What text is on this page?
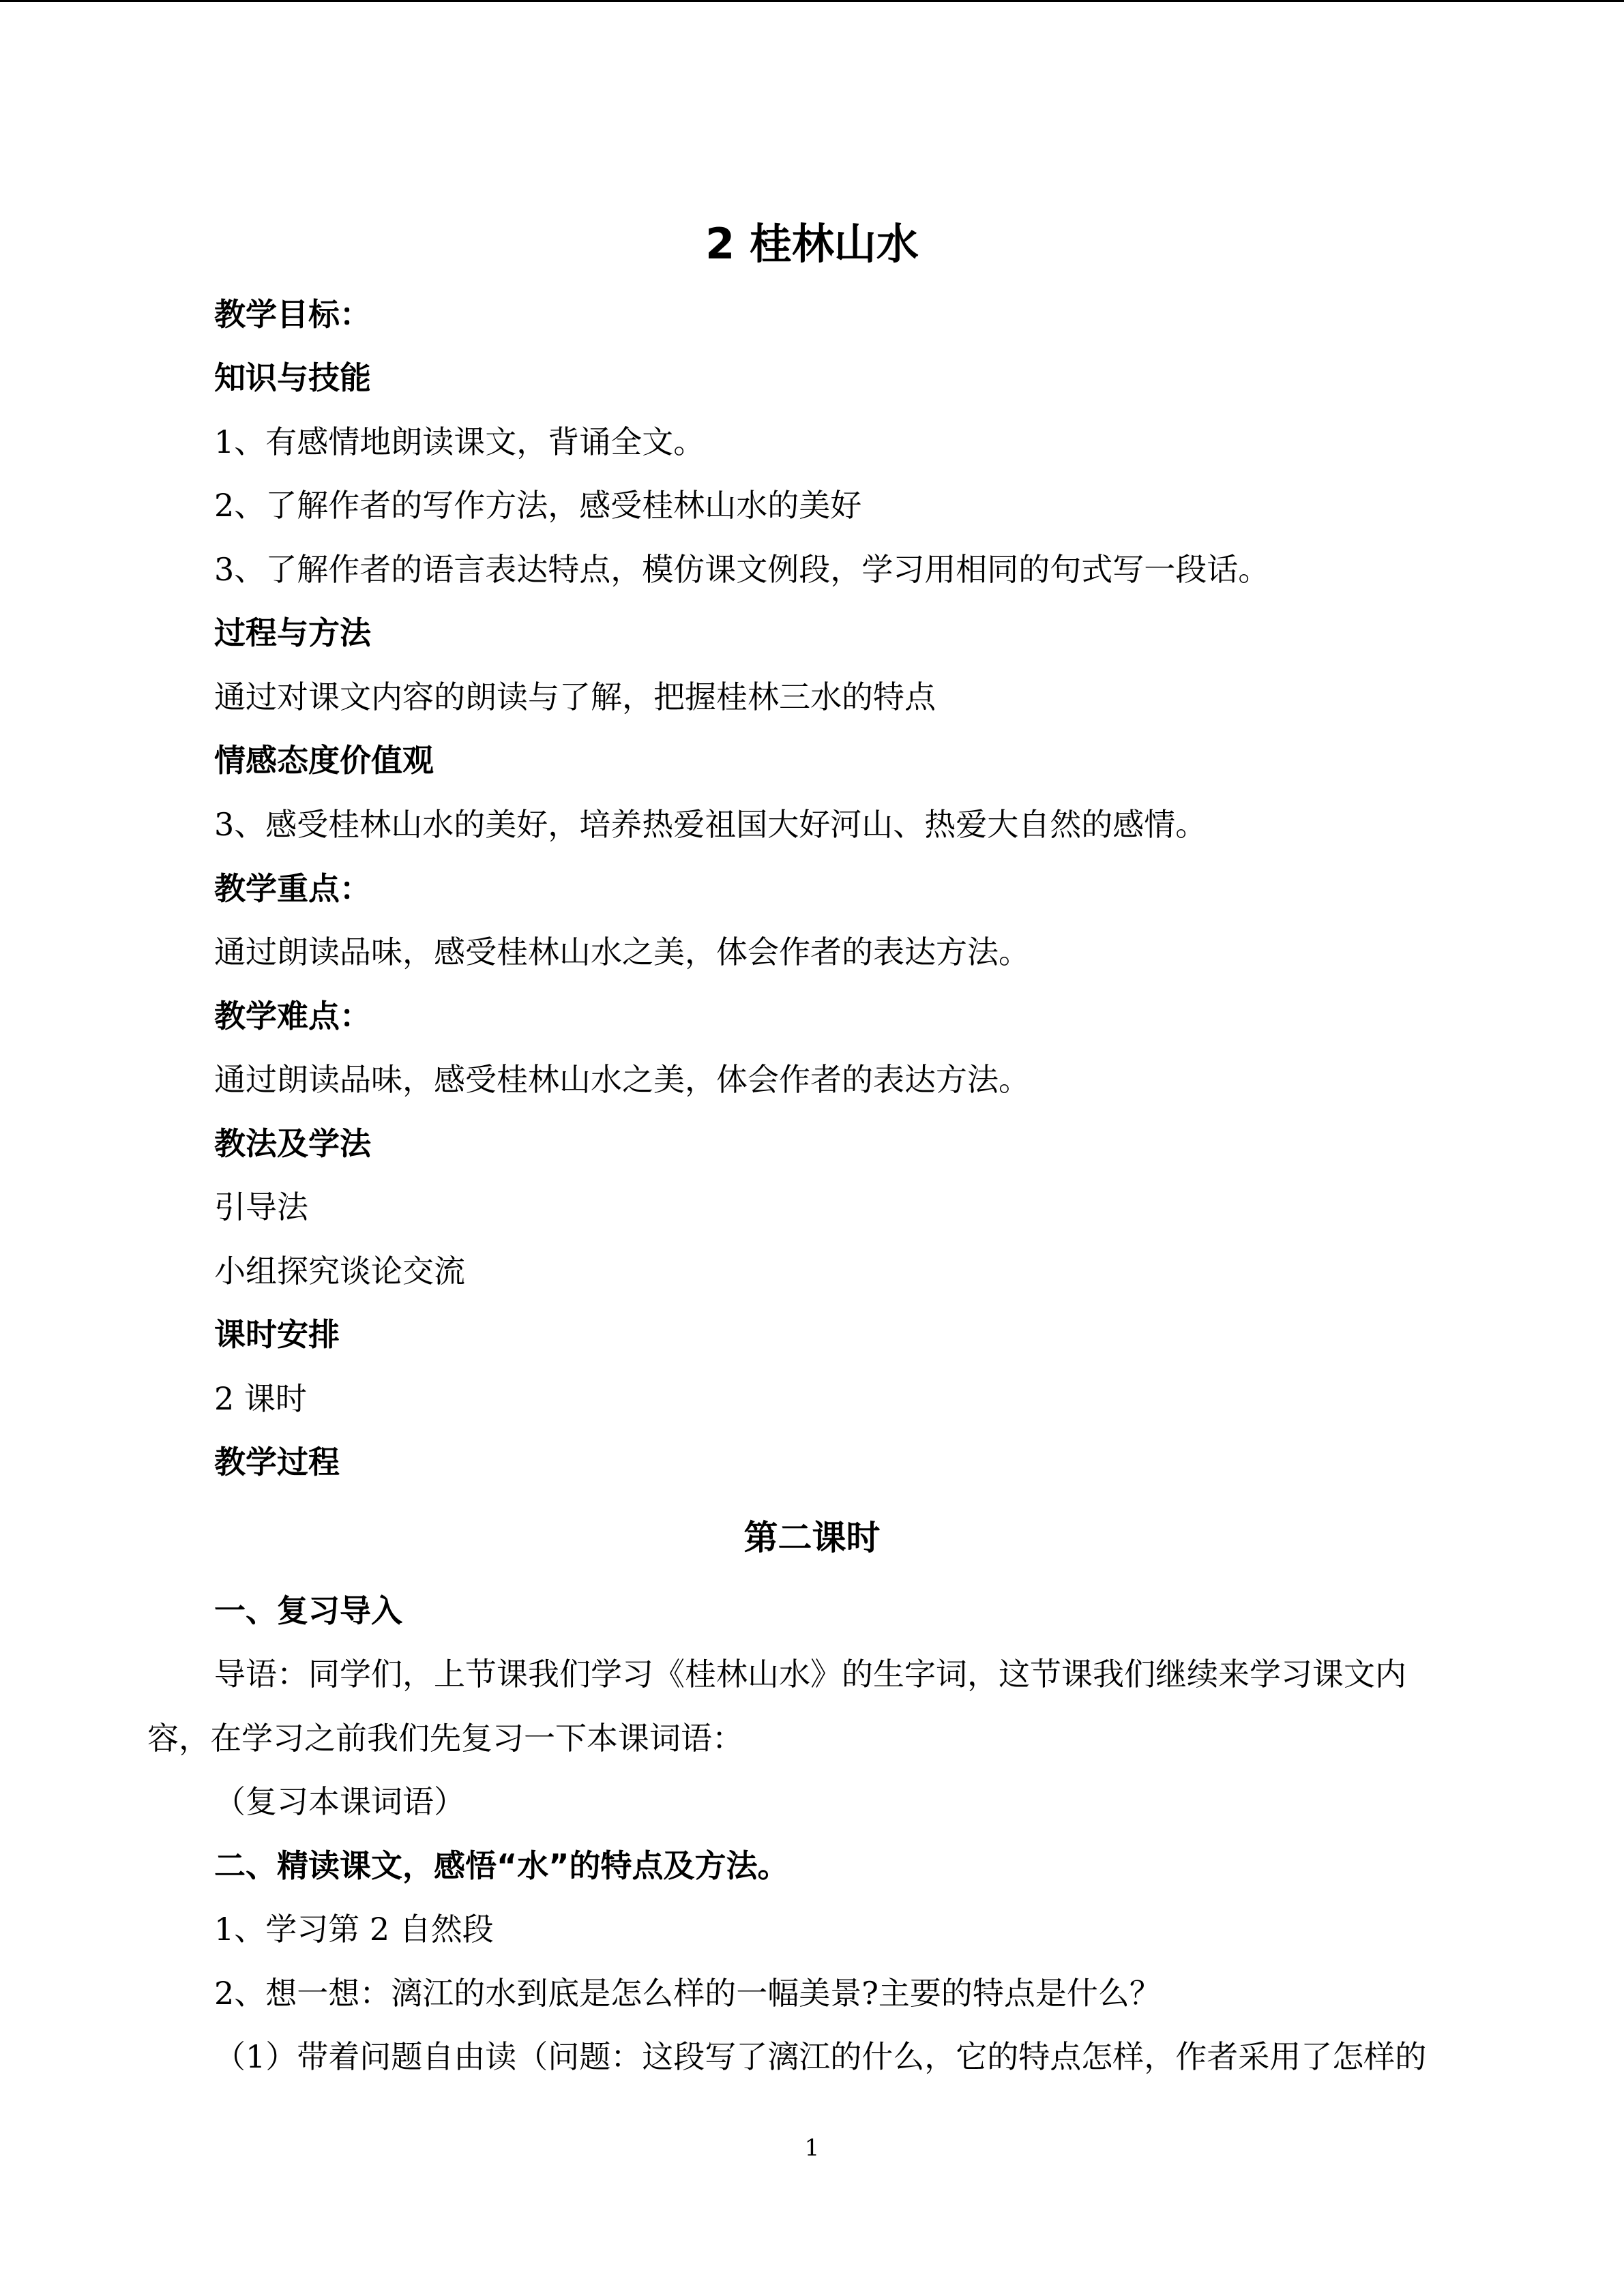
2 桂林山水

教学目标：

知识与技能

1、有感情地朗读课文，背诵全文。

2、了解作者的写作方法，感受桂林山水的美好

3、了解作者的语言表达特点，模仿课文例段，学习用相同的句式写一段话。

过程与方法

通过对课文内容的朗读与了解，把握桂林三水的特点

情感态度价值观

3、感受桂林山水的美好，培养热爱祖国大好河山、热爱大自然的感情。

教学重点：

通过朗读品味，感受桂林山水之美，体会作者的表达方法。

教学难点：

通过朗读品味，感受桂林山水之美，体会作者的表达方法。

教法及学法

引导法

小组探究谈论交流

课时安排

2 课时

教学过程

第二课时

一、复习导入

导语：同学们，上节课我们学习《桂林山水》的生字词，这节课我们继续来学习课文内

容，在学习之前我们先复习一下本课词语：

（复习本课词语）

二、精读课文，感悟“水”的特点及方法。

1、学习第 2 自然段

2、想一想：漓江的水到底是怎么样的一幅美景?主要的特点是什么？

（1）带着问题自由读（问题：这段写了漓江的什么，它的特点怎样，作者采用了怎样的

1
